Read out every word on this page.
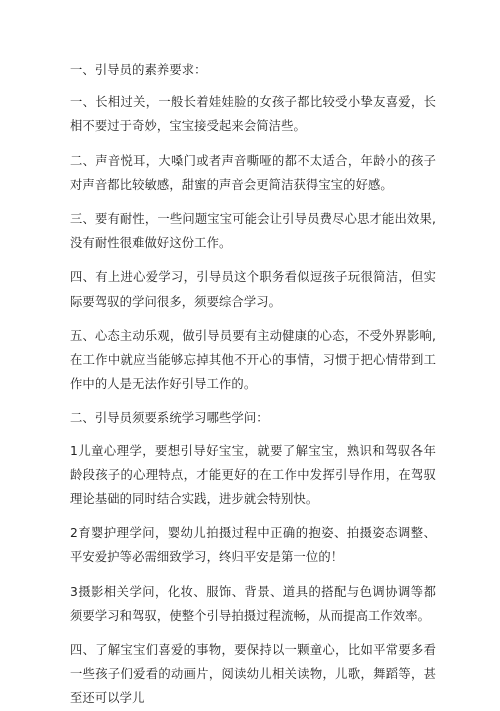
一、引导员的素养要求：

一、长相过关，一般长着娃娃脸的女孩子都比较受小挚友喜爱，长相不要过于奇妙，宝宝接受起来会简洁些。

二、声音悦耳，大嗓门或者声音嘶哑的都不太适合，年龄小的孩子对声音都比较敏感，甜蜜的声音会更简洁获得宝宝的好感。

三、要有耐性，一些问题宝宝可能会让引导员费尽心思才能出效果,没有耐性很难做好这份工作。

四、有上进心爱学习，引导员这个职务看似逗孩子玩很简洁，但实际要驾驭的学问很多，须要综合学习。

五、心态主动乐观，做引导员要有主动健康的心态，不受外界影响,在工作中就应当能够忘掉其他不开心的事情，习惯于把心情带到工作中的人是无法作好引导工作的。

二、引导员须要系统学习哪些学问：

1儿童心理学，要想引导好宝宝，就要了解宝宝，熟识和驾驭各年龄段孩子的心理特点，才能更好的在工作中发挥引导作用，在驾驭理论基础的同时结合实践，进步就会特别快。

2育婴护理学问，婴幼儿拍摄过程中正确的抱姿、拍摄姿态调整、平安爱护等必需细致学习，终归平安是第一位的！

3摄影相关学问，化妆、服饰、背景、道具的搭配与色调协调等都须要学习和驾驭，使整个引导拍摄过程流畅，从而提高工作效率。

四、了解宝宝们喜爱的事物，要保持以一颗童心，比如平常要多看一些孩子们爱看的动画片，阅读幼儿相关读物，儿歌，舞蹈等，甚至还可以学儿
